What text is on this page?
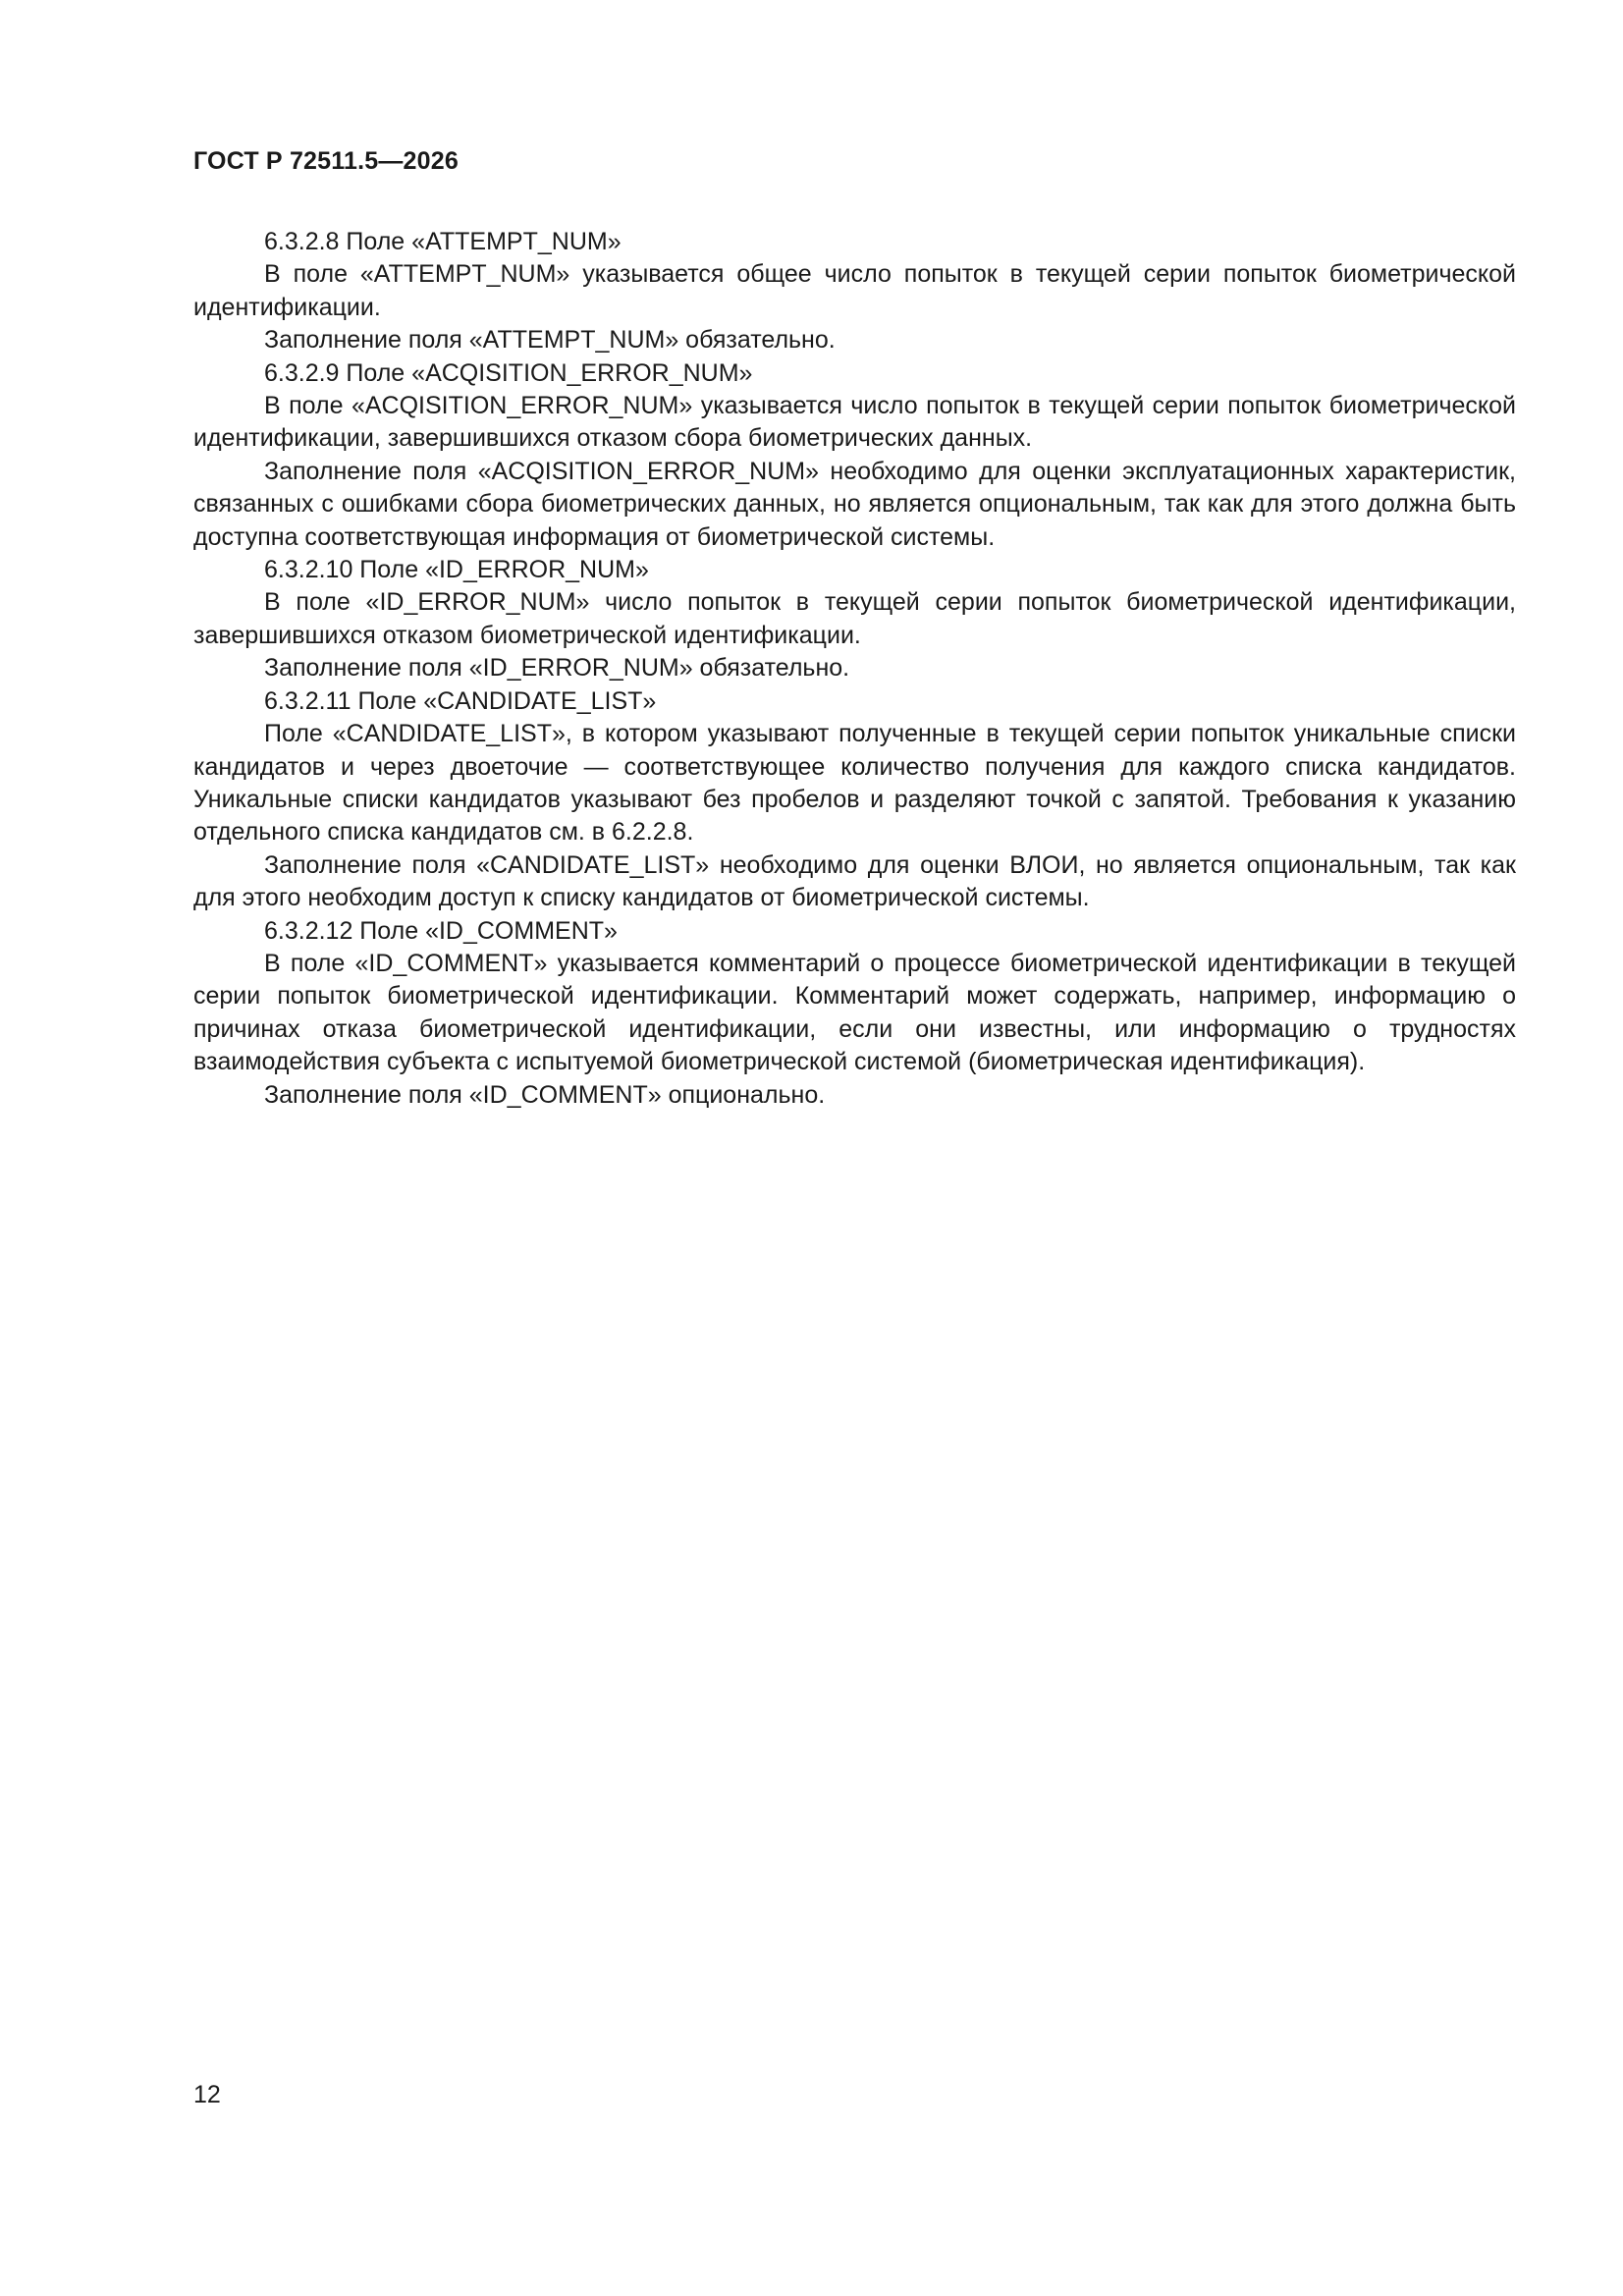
ГОСТ Р 72511.5—2026

6.3.2.8 Поле «ATTEMPT_NUM»

В поле «ATTEMPT_NUM» указывается общее число попыток в текущей серии попыток биометрической идентификации.

Заполнение поля «ATTEMPT_NUM» обязательно.

6.3.2.9 Поле «ACQISITION_ERROR_NUM»

В поле «ACQISITION_ERROR_NUM» указывается число попыток в текущей серии попыток биометрической идентификации, завершившихся отказом сбора биометрических данных.

Заполнение поля «ACQISITION_ERROR_NUM» необходимо для оценки эксплуатационных характеристик, связанных с ошибками сбора биометрических данных, но является опциональным, так как для этого должна быть доступна соответствующая информация от биометрической системы.

6.3.2.10 Поле «ID_ERROR_NUM»

В поле «ID_ERROR_NUM» число попыток в текущей серии попыток биометрической идентификации, завершившихся отказом биометрической идентификации.

Заполнение поля «ID_ERROR_NUM» обязательно.

6.3.2.11 Поле «CANDIDATE_LIST»

Поле «CANDIDATE_LIST», в котором указывают полученные в текущей серии попыток уникальные списки кандидатов и через двоеточие — соответствующее количество получения для каждого списка кандидатов. Уникальные списки кандидатов указывают без пробелов и разделяют точкой с запятой. Требования к указанию отдельного списка кандидатов см. в 6.2.2.8.

Заполнение поля «CANDIDATE_LIST» необходимо для оценки ВЛОИ, но является опциональным, так как для этого необходим доступ к списку кандидатов от биометрической системы.

6.3.2.12 Поле «ID_COMMENT»

В поле «ID_COMMENT» указывается комментарий о процессе биометрической идентификации в текущей серии попыток биометрической идентификации. Комментарий может содержать, например, информацию о причинах отказа биометрической идентификации, если они известны, или информацию о трудностях взаимодействия субъекта с испытуемой биометрической системой (биометрическая идентификация).

Заполнение поля «ID_COMMENT» опционально.

12
